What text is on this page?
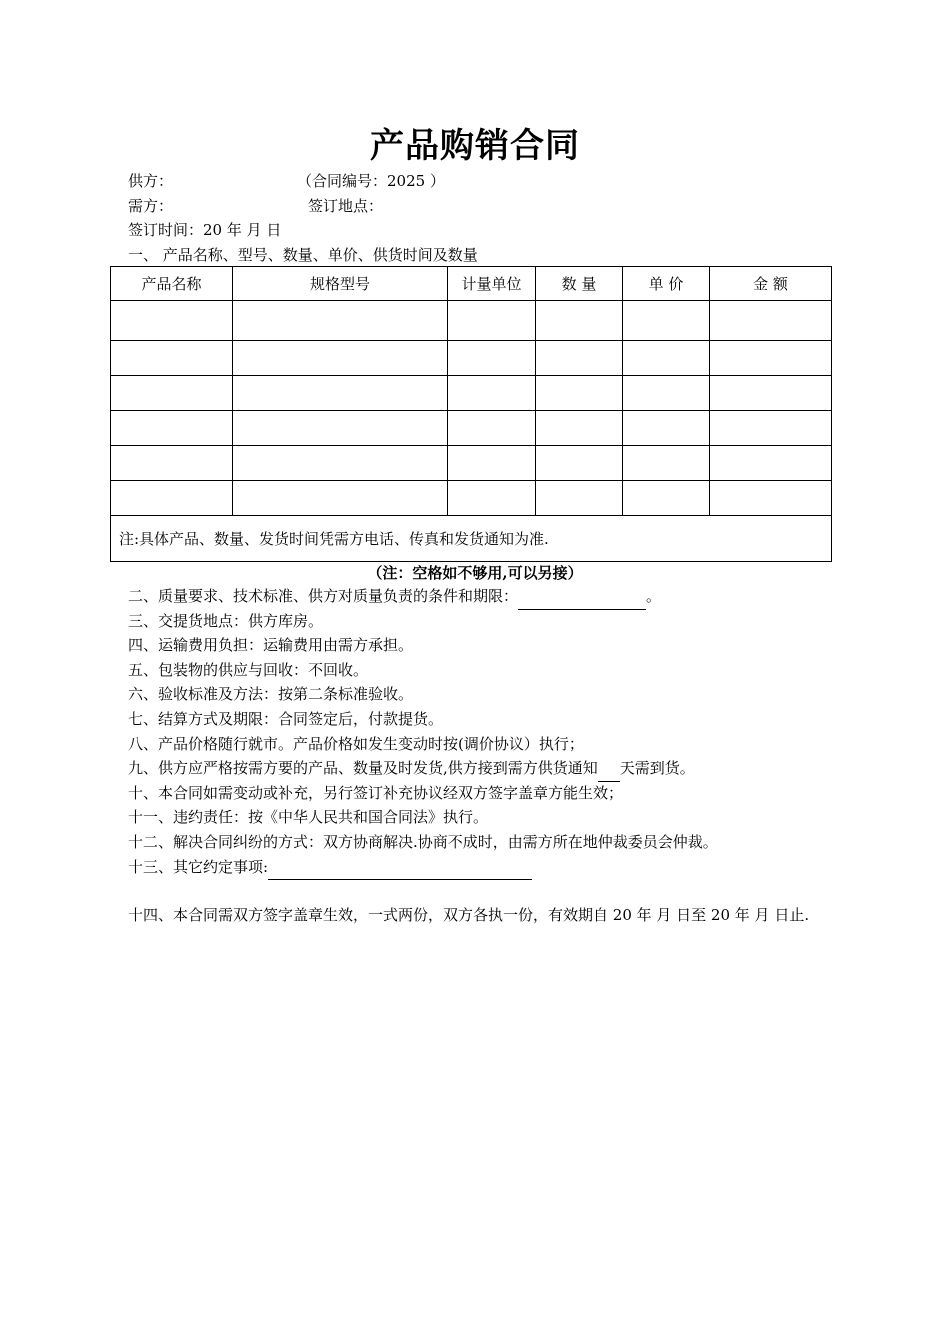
产品购销合同
供方：	（合同编号：2025 ）
需方：	签订地点：
签订时间：20 年 月 日
一、 产品名称、型号、数量、单价、供货时间及数量
产品名称	规格型号	计量单位	数 量	单 价	金 额

注:具体产品、数量、发货时间凭需方电话、传真和发货通知为准.					
（注：空格如不够用,可以另接）
二、质量要求、技术标准、供方对质量负责的条件和期限：	。
三、交提货地点：供方库房。
四、运输费用负担：运输费用由需方承担。
五、包装物的供应与回收：不回收。
六、验收标准及方法：按第二条标准验收。
七、结算方式及期限：合同签定后，付款提货。
八、产品价格随行就市。产品价格如发生变动时按(调价协议）执行；
九、供方应严格按需方要的产品、数量及时发货,供方接到需方供货通知 天需到货。
十、本合同如需变动或补充，另行签订补充协议经双方签字盖章方能生效；
十一、违约责任：按《中华人民共和国合同法》执行。
十二、解决合同纠纷的方式：双方协商解决.协商不成时，由需方所在地仲裁委员会仲裁。
十三、其它约定事项:
十四、本合同需双方签字盖章生效，一式两份，双方各执一份，有效期自 20 年 月 日至 20 年 月 日止.
